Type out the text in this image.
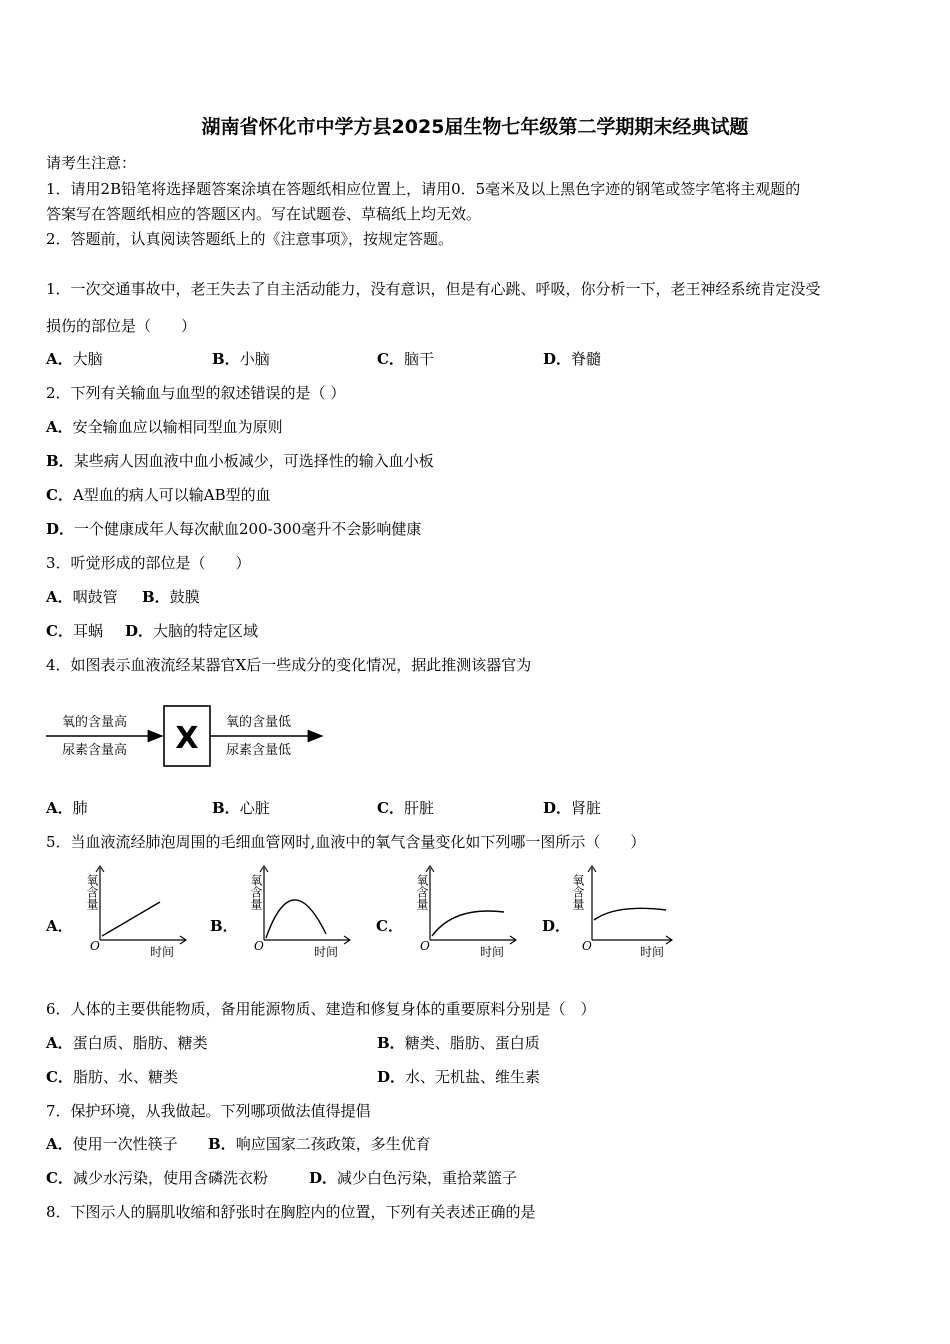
湖南省怀化市中学方县2025届生物七年级第二学期期末经典试题
请考生注意：
1．请用2B铅笔将选择题答案涂填在答题纸相应位置上，请用0．5毫米及以上黑色字迹的钢笔或签字笔将主观题的
答案写在答题纸相应的答题区内。写在试题卷、草稿纸上均无效。
2．答题前，认真阅读答题纸上的《注意事项》，按规定答题。
1．一次交通事故中，老王失去了自主活动能力，没有意识，但是有心跳、呼吸，你分析一下，老王神经系统肯定没受
损伤的部位是（　　）
A．大脑	B．小脑	C．脑干	D．脊髓
2．下列有关输血与血型的叙述错误的是（ ）
A．安全输血应以输相同型血为原则
B．某些病人因血液中血小板减少，可选择性的输入血小板
C．A型血的病人可以输AB型的血
D．一个健康成年人每次献血200-300毫升不会影响健康
3．听觉形成的部位是（　　）
A．咽鼓管 B．鼓膜
C．耳蜗 D．大脑的特定区域
4．如图表示血液流经某器官X后一些成分的变化情况，据此推测该器官为
氧的含量高
尿素含量高 X 氧的含量低
尿素含量低
A．肺	B．心脏	C．肝脏	D．肾脏
5．当血液流经肺泡周围的毛细血管网时,血液中的氧气含量变化如下列哪一图所示（　　）
A．
氧含量
O	时间
B．
氧含量
O	时间
C．
氧含量
O	时间
D．
氧含量
O	时间
6．人体的主要供能物质，备用能源物质、建造和修复身体的重要原料分别是（　）
A．蛋白质、脂肪、糖类	B．糖类、脂肪、蛋白质
C．脂肪、水、糖类	D．水、无机盐、维生素
7．保护环境，从我做起。下列哪项做法值得提倡
A．使用一次性筷子 B．响应国家二孩政策，多生优育
C．减少水污染，使用含磷洗衣粉	D．减少白色污染，重拾菜篮子
8．下图示人的膈肌收缩和舒张时在胸腔内的位置，下列有关表述正确的是
